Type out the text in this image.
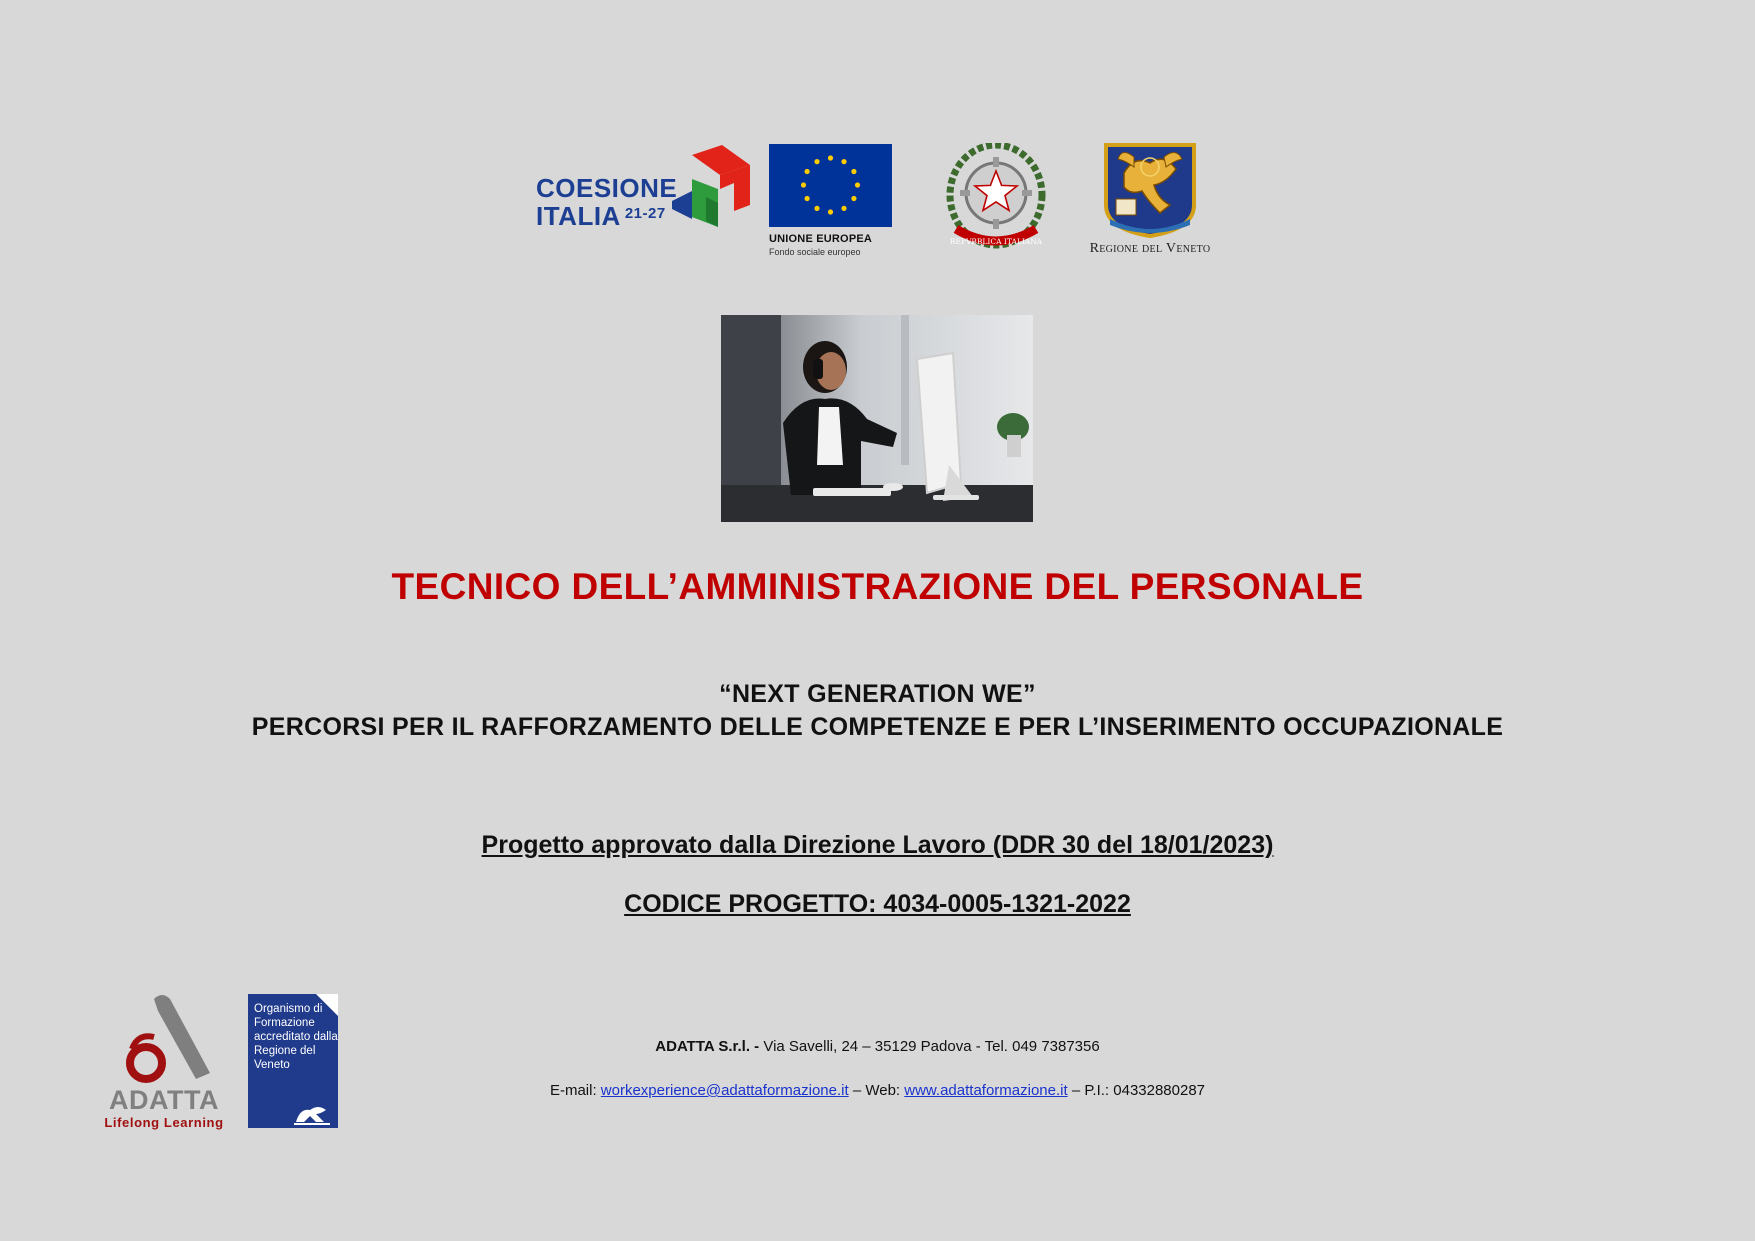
COESIONE
ITALIA $^{21-27}$
UNIONE EUROPEA
Fondo sociale europeo
REPVBBLICA ITALIANA	Regione del Veneto
TECNICO DELL’AMMINISTRAZIONE DEL PERSONALE
“NEXT GENERATION WE”
PERCORSI PER IL RAFFORZAMENTO DELLE COMPETENZE E PER L’INSERIMENTO OCCUPAZIONALE
Progetto approvato dalla Direzione Lavoro (DDR 30 del 18/01/2023)
CODICE PROGETTO: 4034-0005-1321-2022
ADATTA
Lifelong Learning
Organismo di Formazione accreditato dalla Regione del Veneto
ADATTA S.r.l. - Via Savelli, 24 – 35129 Padova - Tel. 049 7387356
E-mail: workexperience@adattaformazione.it – Web: www.adattaformazione.it – P.I.: 04332880287
